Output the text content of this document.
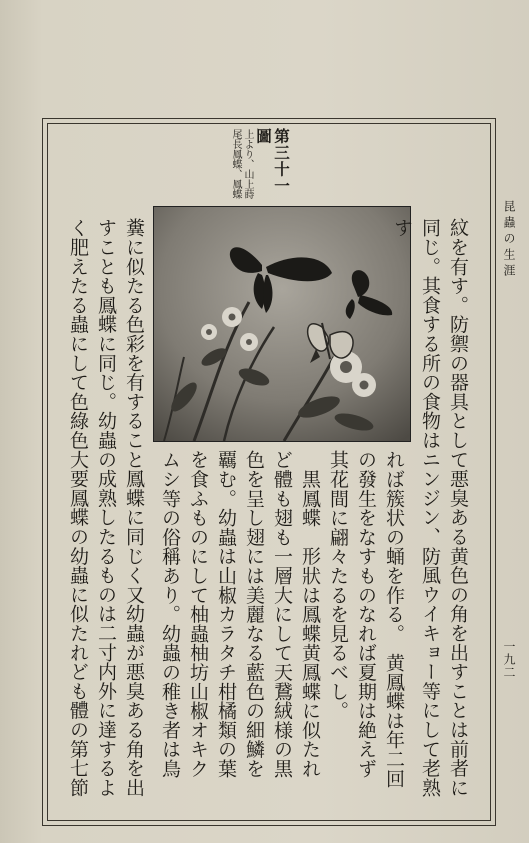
昆蟲の生涯
一九二
第三十一圖
上より、山上蒔
尾長鳳蝶、鳳蝶
紋を有す。防禦の器具として悪臭ある黄色の角を出すことは前者に
同じ。其食する所の食物はニンジン、防風ウイキョー等にして老熟す
れば簇状の蛹を作る。　黄鳳蝶は年二回
の發生をなすものなれば夏期は絶えず
其花間に翩々たるを見るべし。
　黒鳳蝶　形狀は鳳蝶黄鳳蝶に似たれ
ど體も翅も一層大にして天鵞絨様の黒
色を呈し翅には美麗なる藍色の細鱗を
覊む。幼蟲は山椒カラタチ柑橘類の葉
を食ふものにして柚蟲柚坊山椒オキク
ムシ等の俗稱あり。幼蟲の稚き者は鳥
糞に似たる色彩を有すること鳳蝶に同じく又幼蟲が悪臭ある角を出
すことも鳳蝶に同じ。幼蟲の成熟したるものは二寸内外に達するよ
く肥えたる蟲にして色綠色大要鳳蝶の幼蟲に似たれども體の第七節
